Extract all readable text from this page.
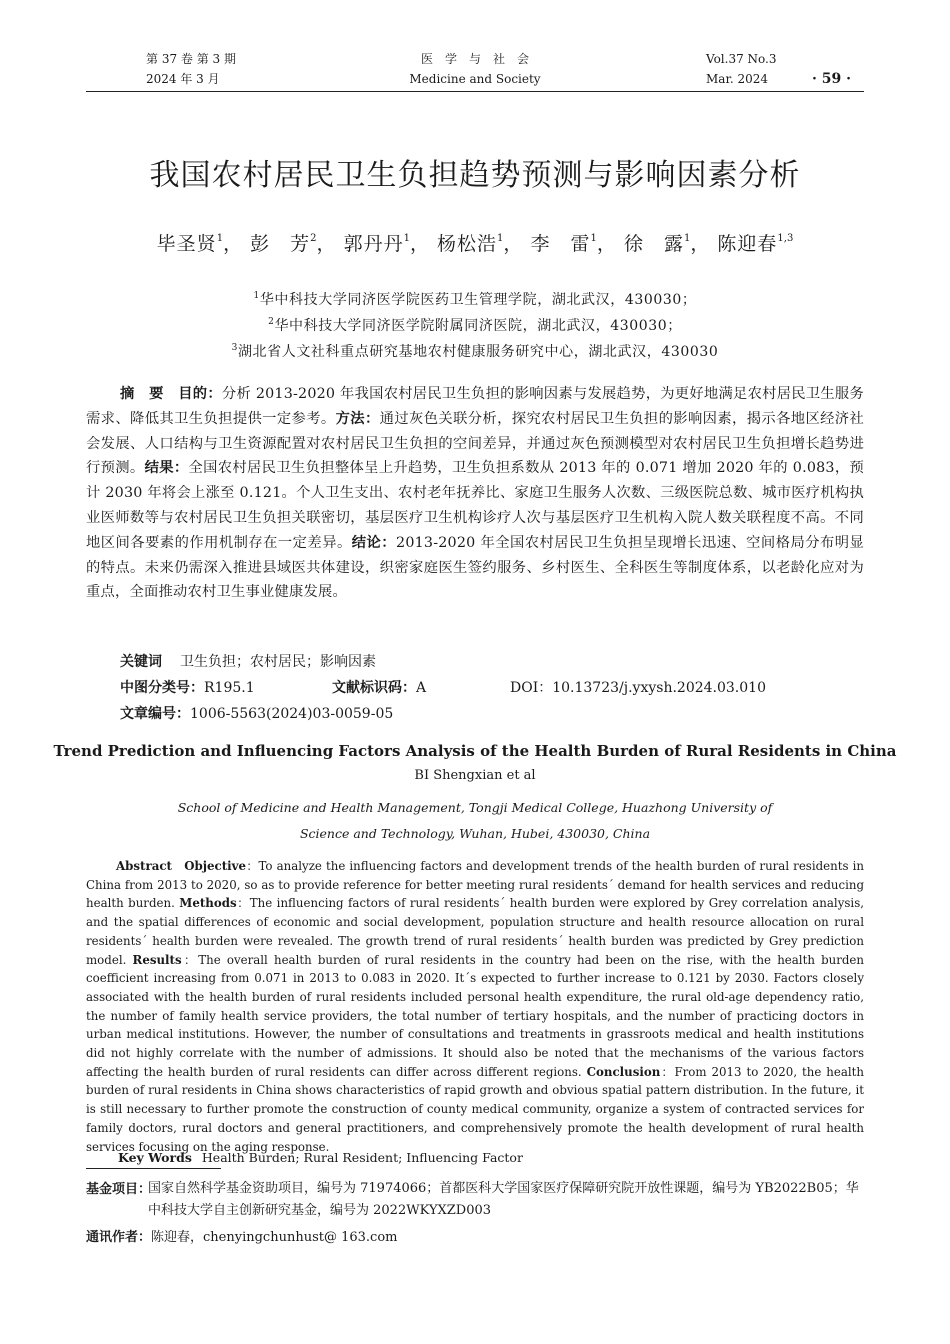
第 37 卷 第 3 期
2024 年 3 月
医　学　与　社　会
Medicine and Society
Vol.37 No.3
Mar. 2024	· 59 ·
我国农村居民卫生负担趋势预测与影响因素分析
毕圣贤$^1$， 彭　芳$^2$， 郭丹丹$^1$， 杨松浩$^1$， 李　雷$^1$， 徐　露$^1$， 陈迎春$^{1,3}$
$^1$华中科技大学同济医学院医药卫生管理学院，湖北武汉，430030；
$^2$华中科技大学同济医学院附属同济医院，湖北武汉，430030；
$^3$湖北省人文社科重点研究基地农村健康服务研究中心，湖北武汉，430030
摘　要　 目的：分析 2013-2020 年我国农村居民卫生负担的影响因素与发展趋势，为更好地满足农村居民卫生服务需求、降低其卫生负担提供一定参考。方法：通过灰色关联分析，探究农村居民卫生负担的影响因素，揭示各地区经济社会发展、人口结构与卫生资源配置对农村居民卫生负担的空间差异，并通过灰色预测模型对农村居民卫生负担增长趋势进行预测。结果：全国农村居民卫生负担整体呈上升趋势，卫生负担系数从 2013 年的 0.071 增加 2020 年的 0.083，预计 2030 年将会上涨至 0.121。个人卫生支出、农村老年抚养比、家庭卫生服务人次数、三级医院总数、城市医疗机构执业医师数等与农村居民卫生负担关联密切，基层医疗卫生机构诊疗人次与基层医疗卫生机构入院人数关联程度不高。不同地区间各要素的作用机制存在一定差异。结论：2013-2020 年全国农村居民卫生负担呈现增长迅速、空间格局分布明显的特点。未来仍需深入推进县域医共体建设，织密家庭医生签约服务、乡村医生、全科医生等制度体系，以老龄化应对为重点，全面推动农村卫生事业健康发展。
关键词 卫生负担；农村居民；影响因素
中图分类号：R195.1	文献标识码：A	DOI：10.13723/j.yxysh.2024.03.010
文章编号：1006-5563(2024)03-0059-05
Trend Prediction and Influencing Factors Analysis of the Health Burden of Rural Residents in China
BI Shengxian et al
School of Medicine and Health Management, Tongji Medical College, Huazhong University of Science and Technology, Wuhan, Hubei, 430030, China
Abstract Objective：To analyze the influencing factors and development trends of the health burden of rural residents in China from 2013 to 2020, so as to provide reference for better meeting rural residents´ demand for health services and reducing health burden. Methods：The influencing factors of rural residents´ health burden were explored by Grey correlation analysis, and the spatial differences of economic and social development, population structure and health resource allocation on rural residents´ health burden were revealed. The growth trend of rural residents´ health burden was predicted by Grey prediction model. Results：The overall health burden of rural residents in the country had been on the rise, with the health burden coefficient increasing from 0.071 in 2013 to 0.083 in 2020. It´s expected to further increase to 0.121 by 2030. Factors closely associated with the health burden of rural residents included personal health expenditure, the rural old-age dependency ratio, the number of family health service providers, the total number of tertiary hospitals, and the number of practicing doctors in urban medical institutions. However, the number of consultations and treatments in grassroots medical and health institutions did not highly correlate with the number of admissions. It should also be noted that the mechanisms of the various factors affecting the health burden of rural residents can differ across different regions. Conclusion：From 2013 to 2020, the health burden of rural residents in China shows characteristics of rapid growth and obvious spatial pattern distribution. In the future, it is still necessary to further promote the construction of county medical community, organize a system of contracted services for family doctors, rural doctors and general practitioners, and comprehensively promote the health development of rural health services focusing on the aging response.
Key Words Health Burden; Rural Resident; Influencing Factor
基金项目：
国家自然科学基金资助项目，编号为 71974066；首都医科大学国家医疗保障研究院开放性课题，编号为 YB2022B05；华中科技大学自主创新研究基金，编号为 2022WKYXZD003
通讯作者：陈迎春，chenyingchunhust@ 163.com
